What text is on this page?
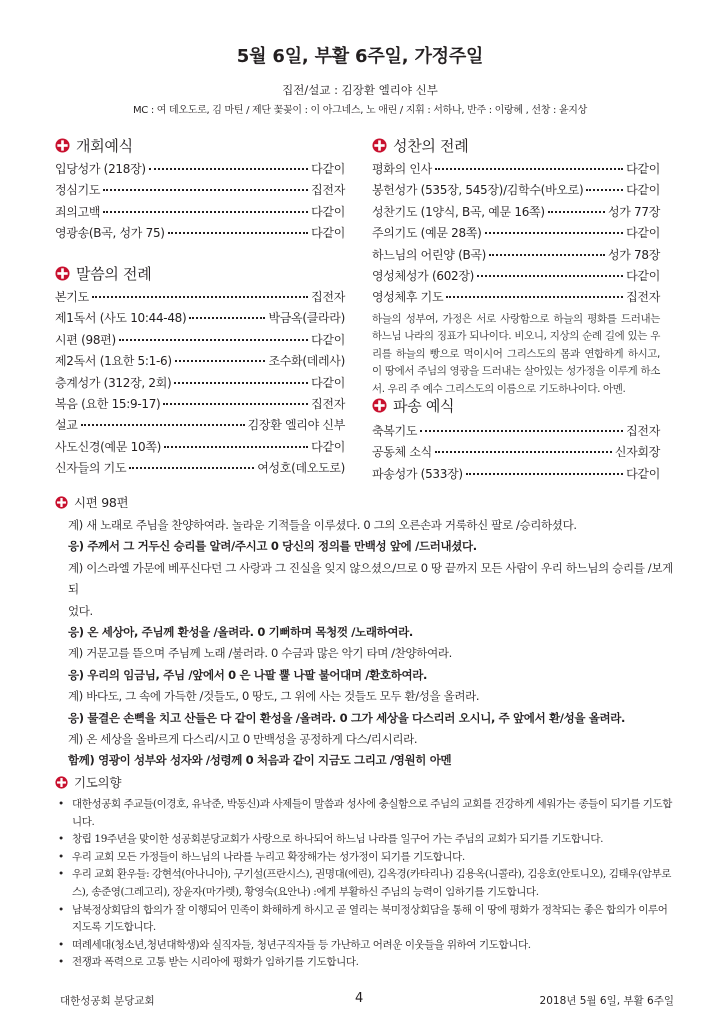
5월 6일, 부활 6주일, 가정주일
집전/설교 : 김장환 엘리야 신부
MC : 여 데오도로, 김 마틴 / 제단 꽃꽂이 : 이 아그네스, 노 애린 / 지휘 : 서하나, 반주 : 이랑혜 , 선창 : 윤지상
개회예식
입당성가 (218장)	다같이
정심기도	집전자
죄의고백	다같이
영광송(B곡, 성가 75)	다같이
말씀의 전례
본기도	집전자
제1독서 (사도 10:44-48)	박금옥(클라라)
시편 (98편)	다같이
제2독서 (1요한 5:1-6)	조수화(데레사)
층계성가 (312장, 2회)	다같이
복음 (요한 15:9-17)	집전자
설교	김장환 엘리야 신부
사도신경(예문 10쪽)	다같이
신자들의 기도	여성호(데오도로)
성찬의 전례
평화의 인사	다같이
봉헌성가 (535장, 545장)/김학수(바오로)	다같이
성찬기도 (1양식, B곡, 예문 16쪽)	성가 77장
주의기도 (예문 28쪽)	다같이
하느님의 어린양 (B곡)	성가 78장
영성체성가 (602장)	다같이
영성체후 기도	집전자
하늘의 성부여, 가정은 서로 사랑함으로 하늘의 평화를 드러내는 하느님 나라의 징표가 되나이다. 비오니, 지상의 순례 길에 있는 우리를 하늘의 빵으로 먹이시어 그리스도의 몸과 연합하게 하시고, 이 땅에서 주님의 영광을 드러내는 살아있는 성가정을 이루게 하소서. 우리 주 예수 그리스도의 이름으로 기도하나이다. 아멘.
파송 예식
축복기도	집전자
공동체 소식	신자회장
파송성가 (533장)	다같이
시편 98편
계) 새 노래로 주님을 찬양하여라. 놀라운 기적들을 이루셨다. 0 그의 오른손과 거룩하신 팔로 /승리하셨다.
응) 주께서 그 거두신 승리를 알려/주시고 0 당신의 정의를 만백성 앞에 /드러내셨다.
계) 이스라엘 가문에 베푸신다던 그 사랑과 그 진실을 잊지 않으셨으/므로 0 땅 끝까지 모든 사람이 우리 하느님의 승리를 /보게 되
었다.
응) 온 세상아, 주님께 환성을 /올려라. 0 기뻐하며 목청껏 /노래하여라.
계) 거문고를 뜯으며 주님께 노래 /불러라. 0 수금과 많은 악기 타며 /찬양하여라.
응) 우리의 임금님, 주님 /앞에서 0 은 나팔 뿔 나팔 불어대며 /환호하여라.
계) 바다도, 그 속에 가득한 /것들도, 0 땅도, 그 위에 사는 것들도 모두 환/성을 올려라.
응) 물결은 손뼉을 치고 산들은 다 같이 환성을 /올려라. 0 그가 세상을 다스리러 오시니, 주 앞에서 환/성을 올려라.
계) 온 세상을 올바르게 다스리/시고 0 만백성을 공정하게 다스/리시리라.
함께) 영광이 성부와 성자와 /성령께 0 처음과 같이 지금도 그리고 /영원히 아멘
기도의향
• 대한성공회 주교들(이경호, 유낙준, 박동신)과 사제들이 말씀과 성사에 충실함으로 주님의 교회를 건강하게 세워가는 종들이 되기를 기도합니다.
• 창립 19주년을 맞이한 성공회분당교회가 사랑으로 하나되어 하느님 나라를 일구어 가는 주님의 교회가 되기를 기도합니다.
• 우리 교회 모든 가정들이 하느님의 나라를 누리고 확장해가는 성가정이 되기를 기도합니다.
• 우리 교회 환우들: 강현석(아나니아), 구기설(프란시스), 권명대(에린), 김옥경(카타리나) 김용옥(니콜라), 김응호(안토니오), 김태우(암부로스), 송준영(그레고리), 장윤자(마가렛), 황영숙(요안나) :에게 부활하신 주님의 능력이 임하기를 기도합니다.
• 남북정상회담의 합의가 잘 이행되어 민족이 화해하게 하시고 곧 열리는 북미정상회담을 통해 이 땅에 평화가 정착되는 좋은 합의가 이루어 지도록 기도합니다.
• 떠례세대(청소년,청년대학생)와 실직자들, 청년구직자들 등 가난하고 어려운 이웃들을 위하여 기도합니다.
• 전쟁과 폭력으로 고통 받는 시리아에 평화가 임하기를 기도합니다.
대한성공회 분당교회	4	2018년 5월 6일, 부활 6주일
